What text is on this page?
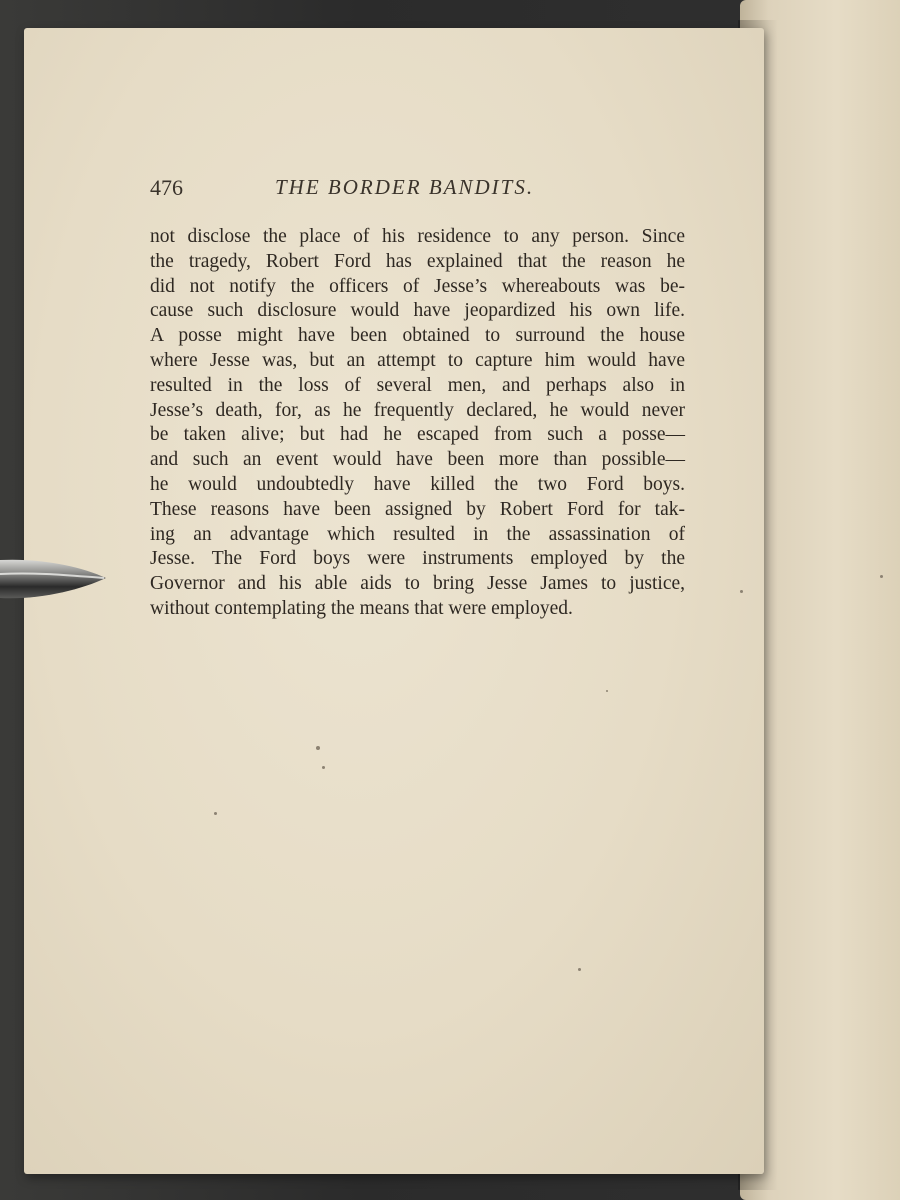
476	THE BORDER BANDITS.
not disclose the place of his residence to any person. Since
the tragedy, Robert Ford has explained that the reason he
did not notify the officers of Jesse’s whereabouts was be-
cause such disclosure would have jeopardized his own life.
A posse might have been obtained to surround the house
where Jesse was, but an attempt to capture him would have
resulted in the loss of several men, and perhaps also in
Jesse’s death, for, as he frequently declared, he would never
be taken alive; but had he escaped from such a posse—
and such an event would have been more than possible—
he would undoubtedly have killed the two Ford boys.
These reasons have been assigned by Robert Ford for tak-
ing an advantage which resulted in the assassination of
Jesse. The Ford boys were instruments employed by the
Governor and his able aids to bring Jesse James to justice,
without contemplating the means that were employed.
